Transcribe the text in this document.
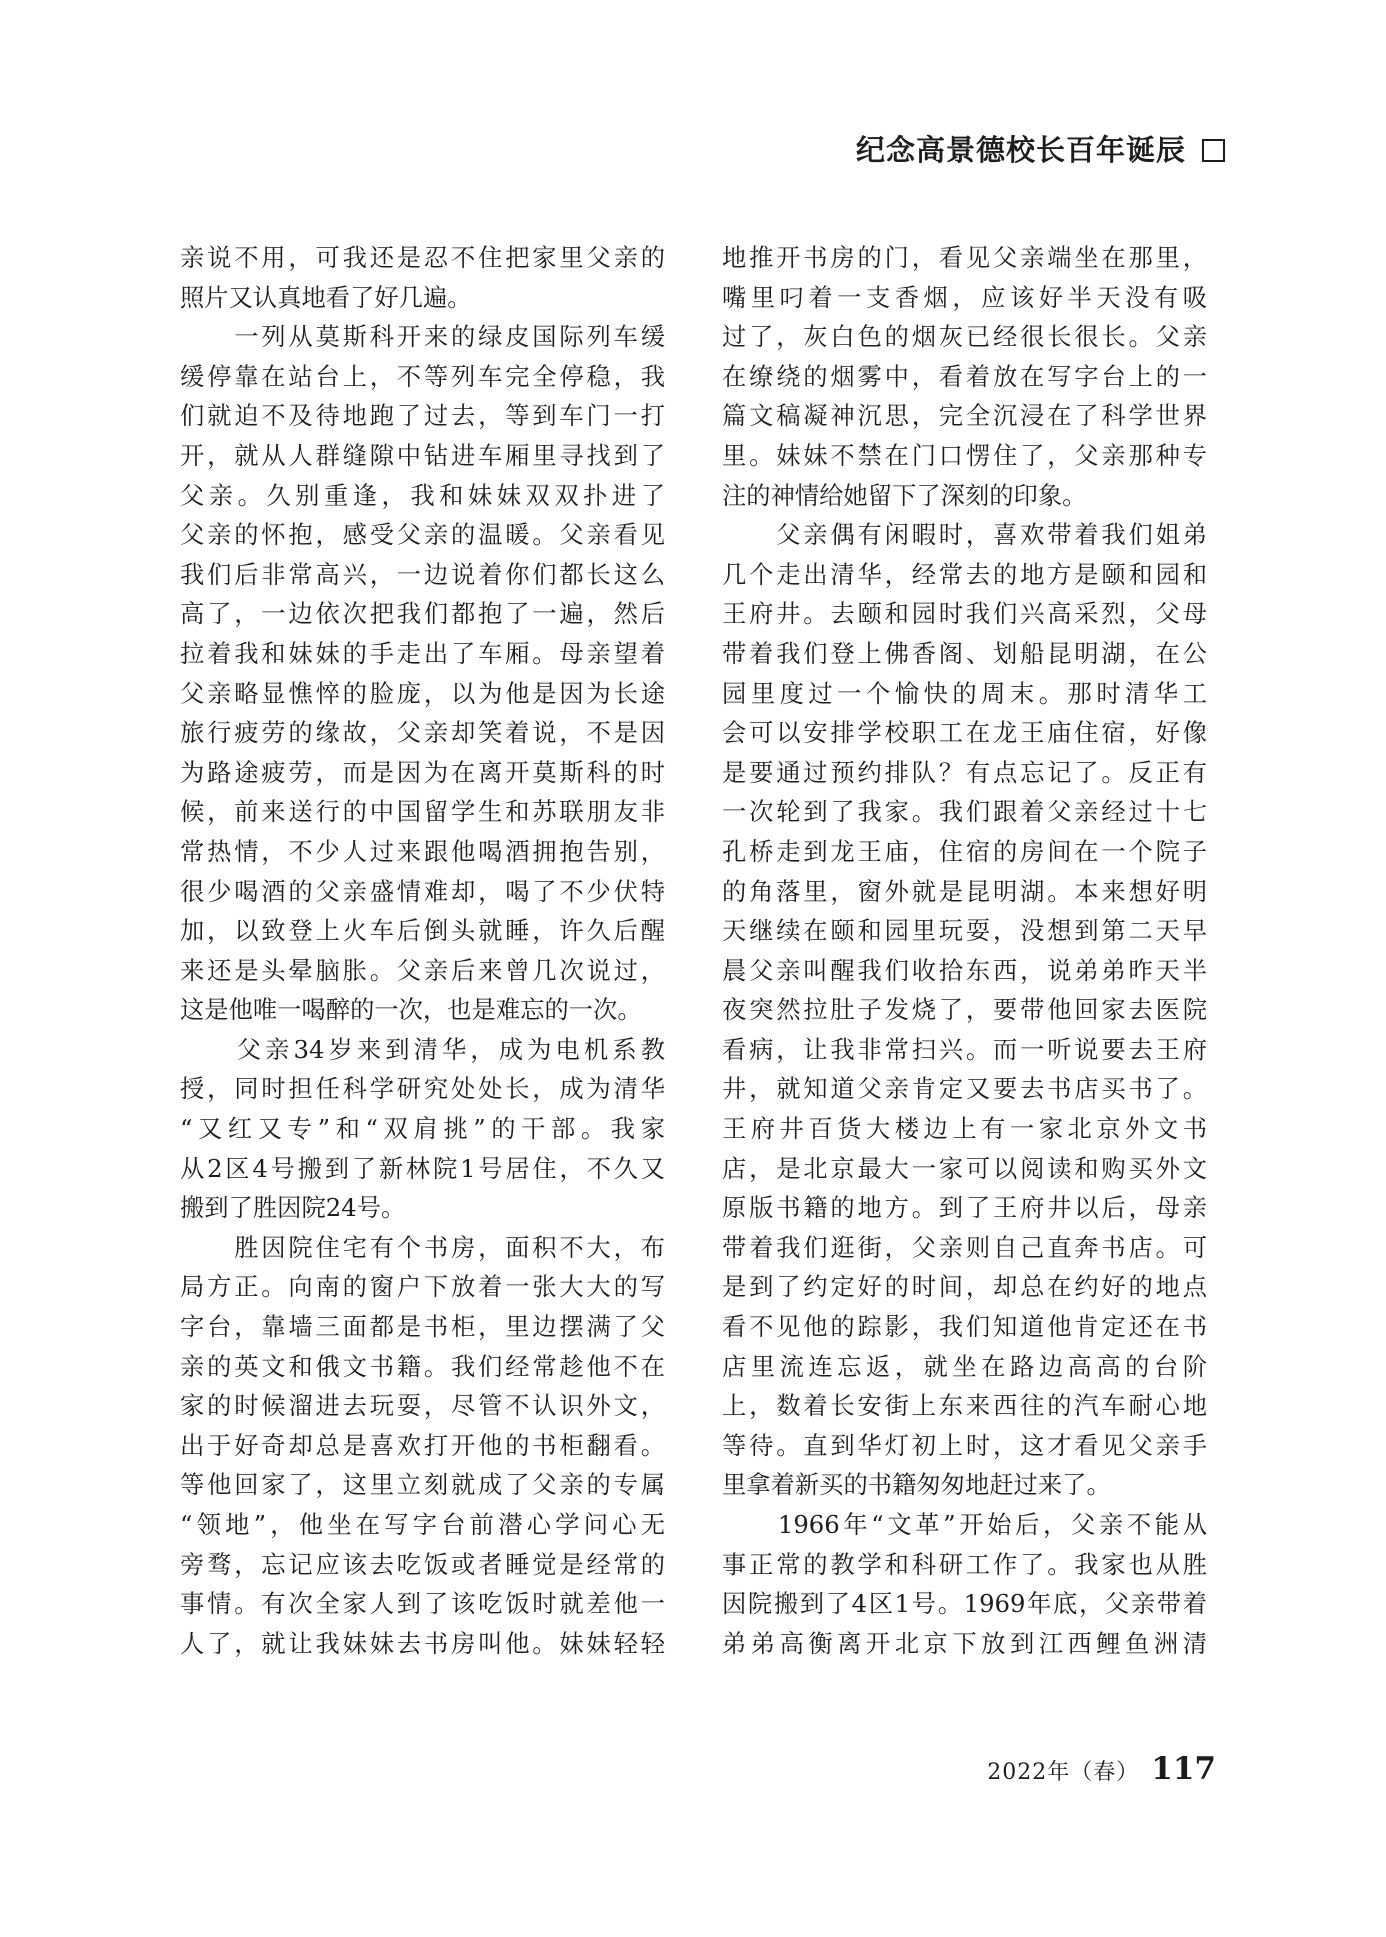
纪念高景德校长百年诞辰
亲说不用，可我还是忍不住把家里父亲的
照片又认真地看了好几遍。
　　一列从莫斯科开来的绿皮国际列车缓
缓停靠在站台上，不等列车完全停稳，我
们就迫不及待地跑了过去，等到车门一打
开，就从人群缝隙中钻进车厢里寻找到了
父亲。久别重逢，我和妹妹双双扑进了
父亲的怀抱，感受父亲的温暖。父亲看见
我们后非常高兴，一边说着你们都长这么
高了，一边依次把我们都抱了一遍，然后
拉着我和妹妹的手走出了车厢。母亲望着
父亲略显憔悴的脸庞，以为他是因为长途
旅行疲劳的缘故，父亲却笑着说，不是因
为路途疲劳，而是因为在离开莫斯科的时
候，前来送行的中国留学生和苏联朋友非
常热情，不少人过来跟他喝酒拥抱告别，
很少喝酒的父亲盛情难却，喝了不少伏特
加，以致登上火车后倒头就睡，许久后醒
来还是头晕脑胀。父亲后来曾几次说过，
这是他唯一喝醉的一次，也是难忘的一次。
　　父亲34岁来到清华，成为电机系教
授，同时担任科学研究处处长，成为清华
“又红又专”和“双肩挑”的干部。我家
从2区4号搬到了新林院1号居住，不久又
搬到了胜因院24号。
　　胜因院住宅有个书房，面积不大，布
局方正。向南的窗户下放着一张大大的写
字台，靠墙三面都是书柜，里边摆满了父
亲的英文和俄文书籍。我们经常趁他不在
家的时候溜进去玩耍，尽管不认识外文，
出于好奇却总是喜欢打开他的书柜翻看。
等他回家了，这里立刻就成了父亲的专属
“领地”，他坐在写字台前潜心学问心无
旁骛，忘记应该去吃饭或者睡觉是经常的
事情。有次全家人到了该吃饭时就差他一
人了，就让我妹妹去书房叫他。妹妹轻轻
地推开书房的门，看见父亲端坐在那里，
嘴里叼着一支香烟，应该好半天没有吸
过了，灰白色的烟灰已经很长很长。父亲
在缭绕的烟雾中，看着放在写字台上的一
篇文稿凝神沉思，完全沉浸在了科学世界
里。妹妹不禁在门口愣住了，父亲那种专
注的神情给她留下了深刻的印象。
　　父亲偶有闲暇时，喜欢带着我们姐弟
几个走出清华，经常去的地方是颐和园和
王府井。去颐和园时我们兴高采烈，父母
带着我们登上佛香阁、划船昆明湖，在公
园里度过一个愉快的周末。那时清华工
会可以安排学校职工在龙王庙住宿，好像
是要通过预约排队？有点忘记了。反正有
一次轮到了我家。我们跟着父亲经过十七
孔桥走到龙王庙，住宿的房间在一个院子
的角落里，窗外就是昆明湖。本来想好明
天继续在颐和园里玩耍，没想到第二天早
晨父亲叫醒我们收拾东西，说弟弟昨天半
夜突然拉肚子发烧了，要带他回家去医院
看病，让我非常扫兴。而一听说要去王府
井，就知道父亲肯定又要去书店买书了。
王府井百货大楼边上有一家北京外文书
店，是北京最大一家可以阅读和购买外文
原版书籍的地方。到了王府井以后，母亲
带着我们逛街，父亲则自己直奔书店。可
是到了约定好的时间，却总在约好的地点
看不见他的踪影，我们知道他肯定还在书
店里流连忘返，就坐在路边高高的台阶
上，数着长安街上东来西往的汽车耐心地
等待。直到华灯初上时，这才看见父亲手
里拿着新买的书籍匆匆地赶过来了。
　　1966年“文革”开始后，父亲不能从
事正常的教学和科研工作了。我家也从胜
因院搬到了4区1号。1969年底，父亲带着
弟弟高衡离开北京下放到江西鲤鱼洲清
2022年（春） 117
